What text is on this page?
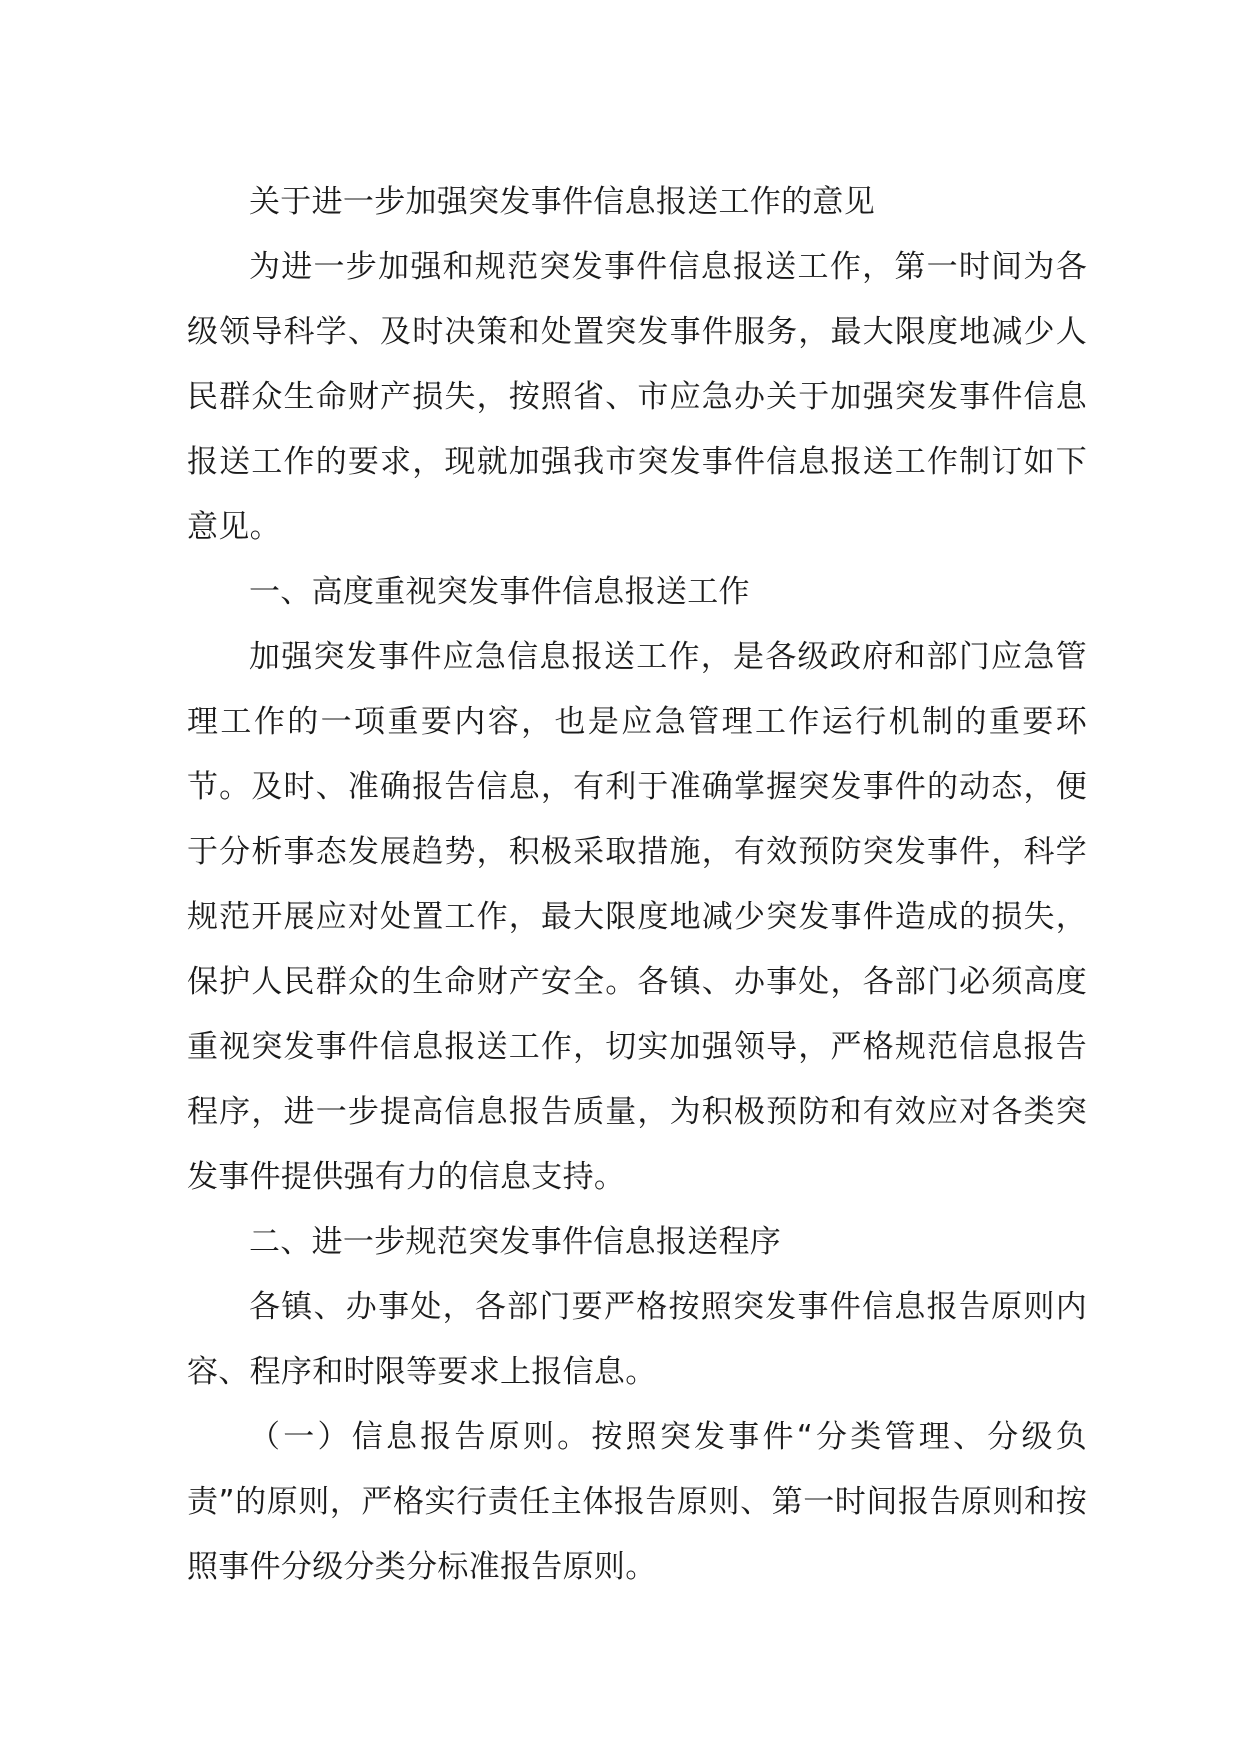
关于进一步加强突发事件信息报送工作的意见

为进一步加强和规范突发事件信息报送工作，第一时间为各级领导科学、及时决策和处置突发事件服务，最大限度地减少人民群众生命财产损失，按照省、市应急办关于加强突发事件信息报送工作的要求，现就加强我市突发事件信息报送工作制订如下意见。

一、高度重视突发事件信息报送工作

加强突发事件应急信息报送工作，是各级政府和部门应急管理工作的一项重要内容，也是应急管理工作运行机制的重要环节。及时、准确报告信息，有利于准确掌握突发事件的动态，便于分析事态发展趋势，积极采取措施，有效预防突发事件，科学规范开展应对处置工作，最大限度地减少突发事件造成的损失，保护人民群众的生命财产安全。各镇、办事处，各部门必须高度重视突发事件信息报送工作，切实加强领导，严格规范信息报告程序，进一步提高信息报告质量，为积极预防和有效应对各类突发事件提供强有力的信息支持。

二、进一步规范突发事件信息报送程序

各镇、办事处，各部门要严格按照突发事件信息报告原则内容、程序和时限等要求上报信息。

（一）信息报告原则。按照突发事件“分类管理、分级负责”的原则，严格实行责任主体报告原则、第一时间报告原则和按照事件分级分类分标准报告原则。
